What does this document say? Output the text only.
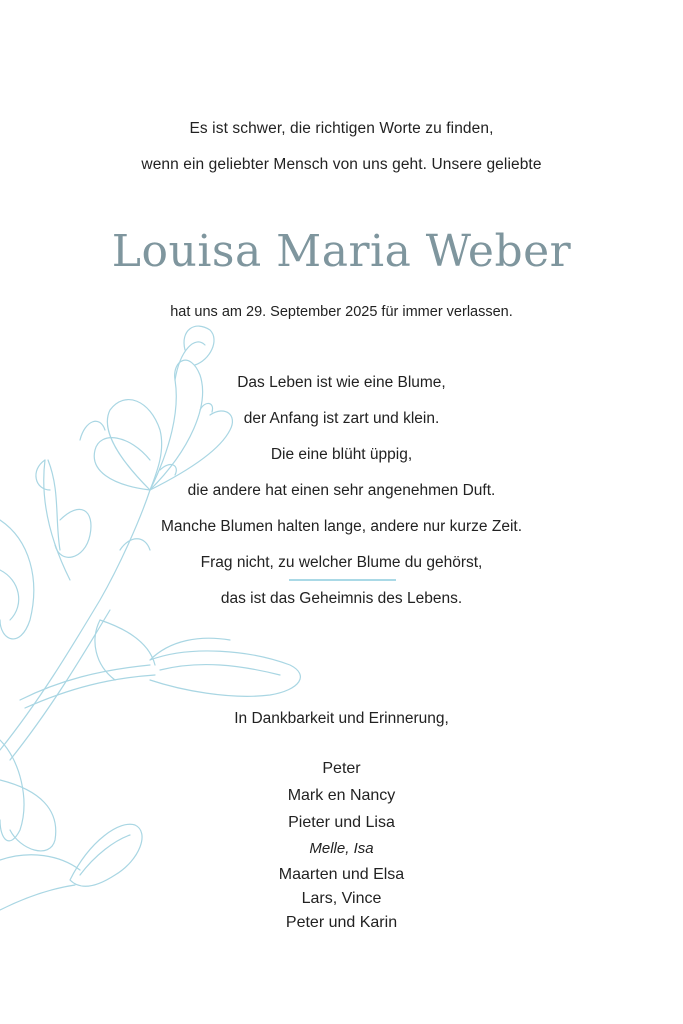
Es ist schwer, die richtigen Worte zu finden,
wenn ein geliebter Mensch von uns geht. Unsere geliebte
Louisa Maria Weber
hat uns am 29. September 2025 für immer verlassen.
Das Leben ist wie eine Blume,
der Anfang ist zart und klein.
Die eine blüht üppig,
die andere hat einen sehr angenehmen Duft.
Manche Blumen halten lange, andere nur kurze Zeit.
Frag nicht, zu welcher Blume du gehörst,
das ist das Geheimnis des Lebens.
In Dankbarkeit und Erinnerung,
Peter
Mark en Nancy
Pieter und Lisa
Melle, Isa
Maarten und Elsa
Lars, Vince
Peter und Karin
